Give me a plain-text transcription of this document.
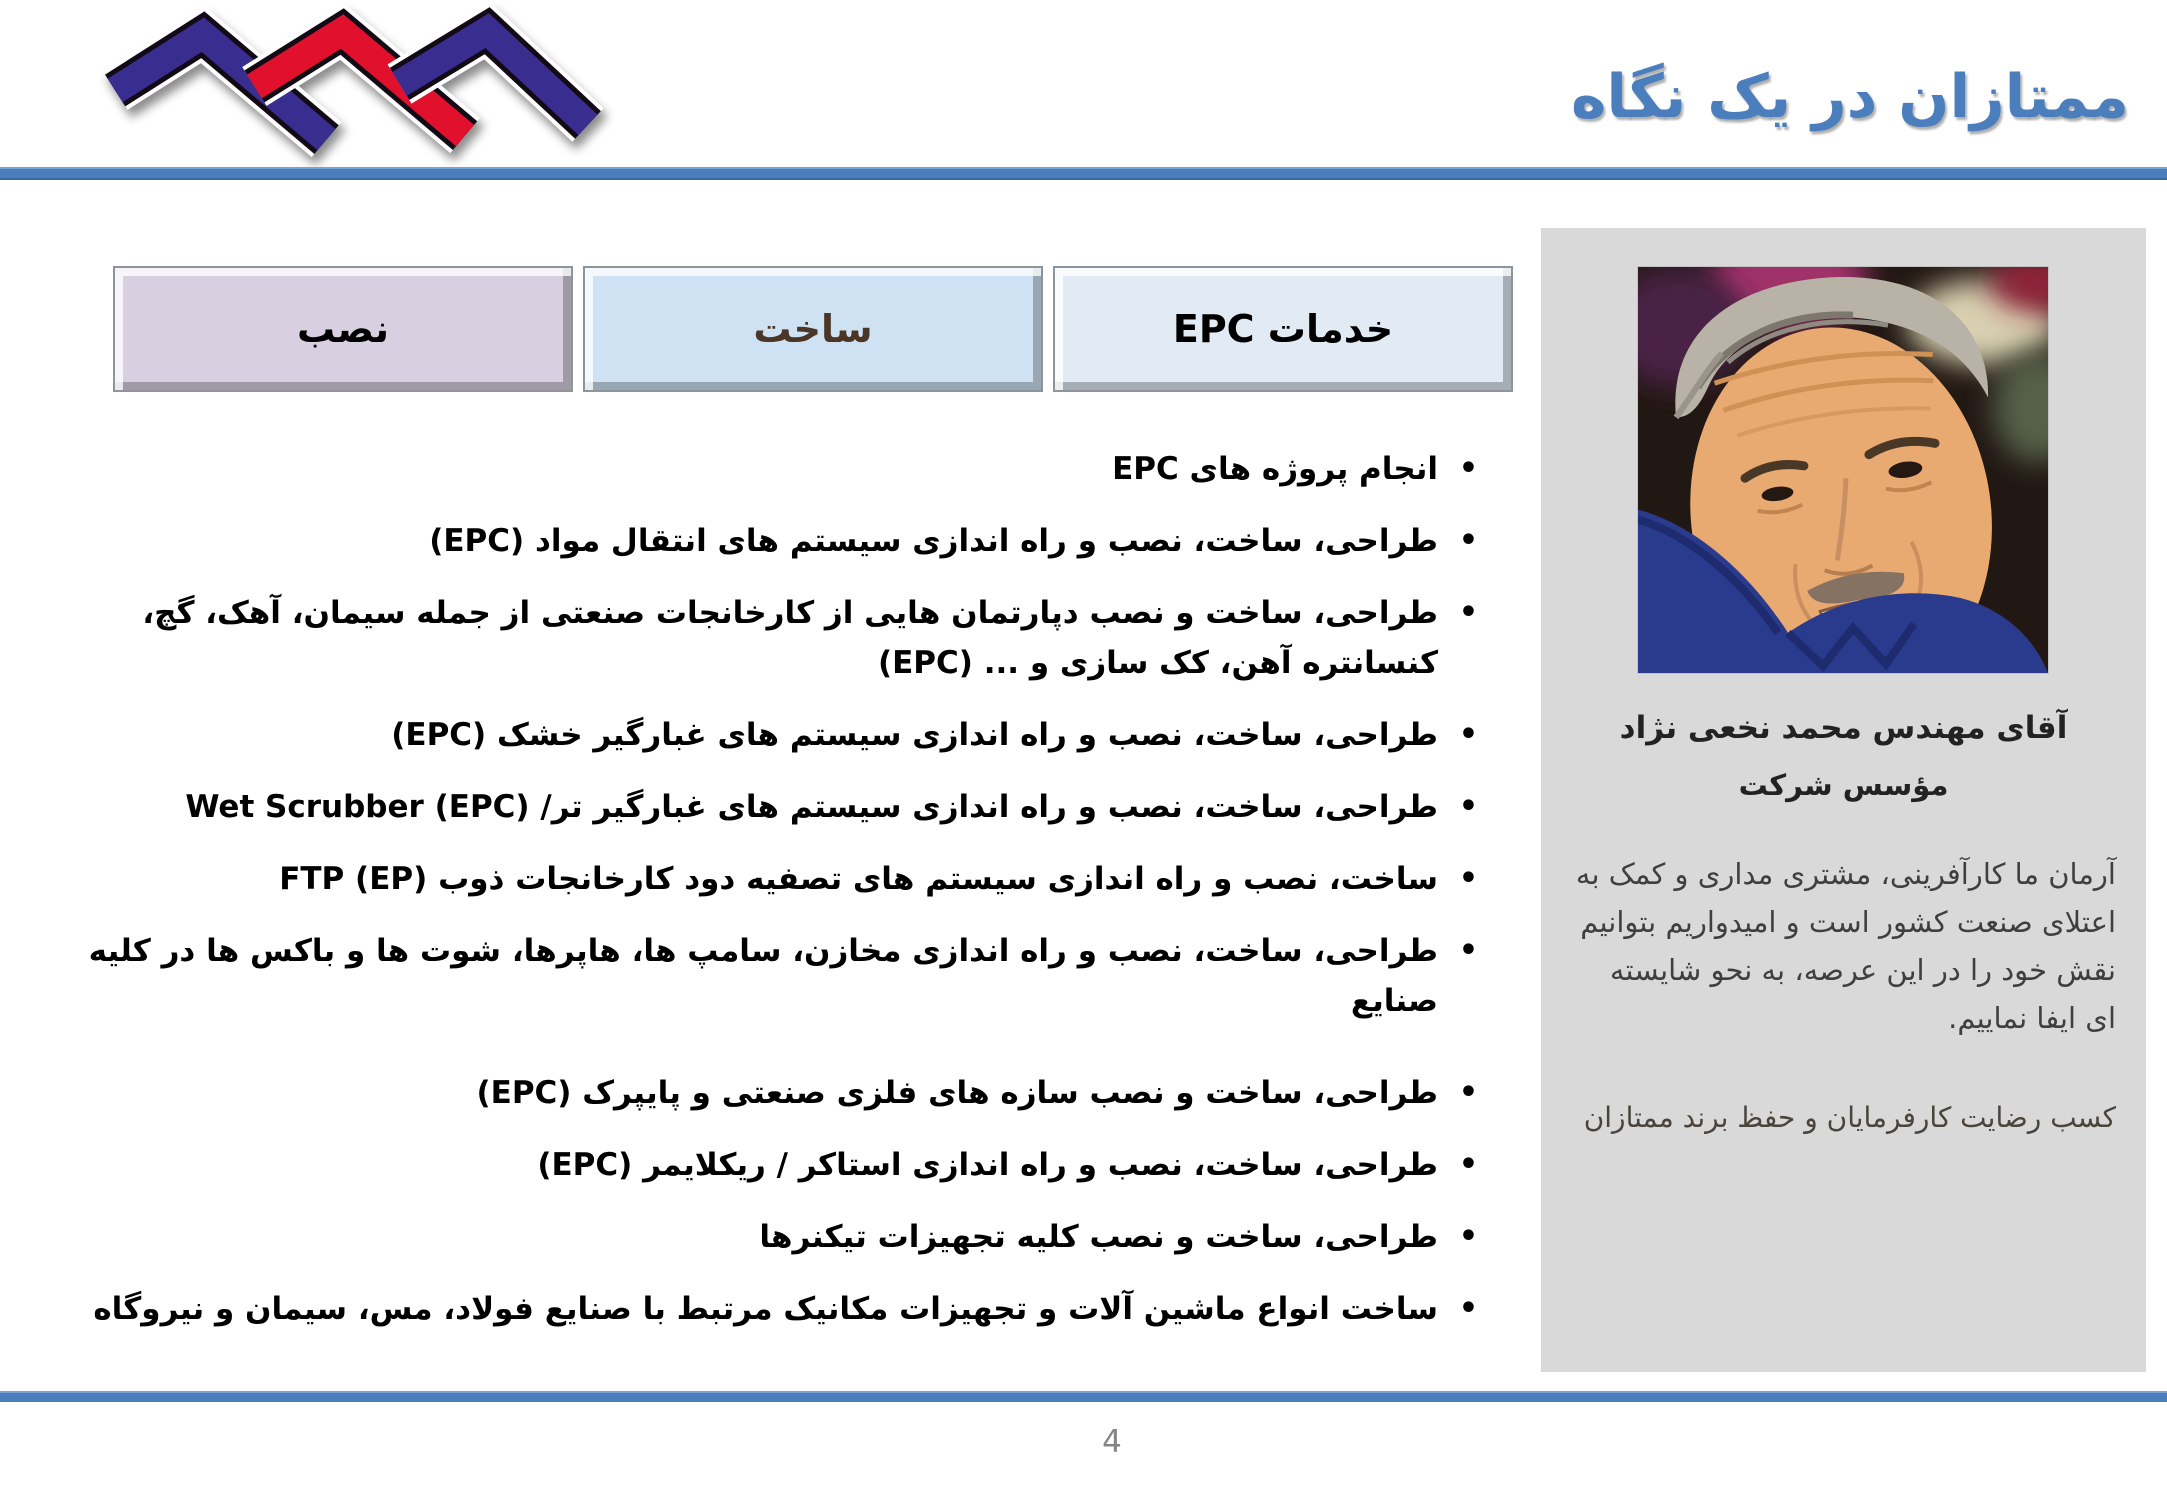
ممتازان در یک نگاه
نصب	ساخت	خدمات EPC
• انجام پروژه های EPC
• طراحی، ساخت، نصب و راه اندازی سیستم های انتقال مواد (EPC)
• طراحی، ساخت و نصب دپارتمان هایی از کارخانجات صنعتی از جمله سیمان، آهک، گچ، کنسانتره آهن، کک سازی و ... (EPC)
• طراحی، ساخت، نصب و راه اندازی سیستم های غبارگیر خشک (EPC)
• طراحی، ساخت، نصب و راه اندازی سیستم های غبارگیر تر/ Wet Scrubber (EPC)
• ساخت، نصب و راه اندازی سیستم های تصفیه دود کارخانجات ذوب FTP (EP)
• طراحی، ساخت، نصب و راه اندازی مخازن، سامپ ها، هاپرها، شوت ها و باکس ها در کلیه صنایع
• طراحی، ساخت و نصب سازه های فلزی صنعتی و پایپرک (EPC)
• طراحی، ساخت، نصب و راه اندازی استاکر / ریکلایمر (EPC)
• طراحی، ساخت و نصب کلیه تجهیزات تیکنرها
• ساخت انواع ماشین آلات و تجهیزات مکانیک مرتبط با صنایع فولاد، مس، سیمان و نیروگاه
آقای مهندس محمد نخعی نژاد
مؤسس شرکت

آرمان ما کارآفرینی، مشتری مداری و کمک به اعتلای صنعت کشور است و امیدواریم بتوانیم نقش خود را در این عرصه، به نحو شایسته ای ایفا نماییم.

کسب رضایت کارفرمایان و حفظ برند ممتازان

4
